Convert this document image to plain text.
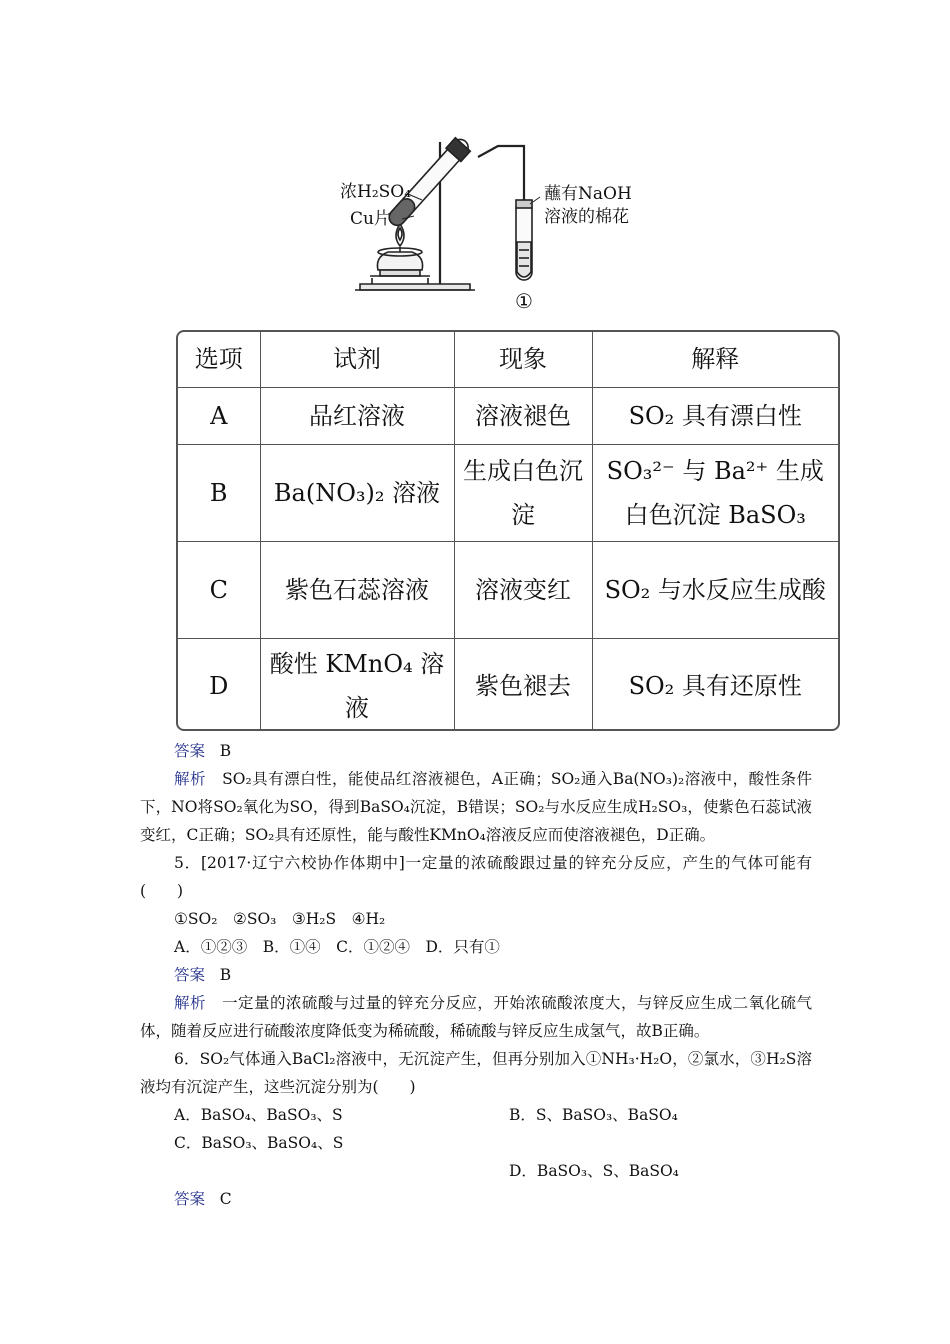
浓H₂SO₄
Cu片
蘸有NaOH
溶液的棉花
①
选项	试剂	现象	解释
A	品红溶液	溶液褪色	SO₂ 具有漂白性
B	Ba(NO₃)₂ 溶液	生成白色沉淀	SO₃²⁻ 与 Ba²⁺ 生成白色沉淀 BaSO₃
C	紫色石蕊溶液	溶液变红	SO₂ 与水反应生成酸
D	酸性 KMnO₄ 溶液	紫色褪去	SO₂ 具有还原性
答案 B
解析 SO₂具有漂白性，能使品红溶液褪色，A正确；SO₂通入Ba(NO₃)₂溶液中，酸性条件下，NO将SO₂氧化为SO，得到BaSO₄沉淀，B错误；SO₂与水反应生成H₂SO₃，使紫色石蕊试液变红，C正确；SO₂具有还原性，能与酸性KMnO₄溶液反应而使溶液褪色，D正确。
5．[2017·辽宁六校协作体期中]一定量的浓硫酸跟过量的锌充分反应，产生的气体可能有(　　)
①SO₂　②SO₃　③H₂S　④H₂
A．①②③　B．①④　C．①②④　D．只有①
答案 B
解析 一定量的浓硫酸与过量的锌充分反应，开始浓硫酸浓度大，与锌反应生成二氧化硫气体，随着反应进行硫酸浓度降低变为稀硫酸，稀硫酸与锌反应生成氢气，故B正确。
6．SO₂气体通入BaCl₂溶液中，无沉淀产生，但再分别加入①NH₃·H₂O，②氯水，③H₂S溶液均有沉淀产生，这些沉淀分别为(　　)
A．BaSO₄、BaSO₃、S	B．S、BaSO₃、BaSO₄
C．BaSO₃、BaSO₄、S
D．BaSO₃、S、BaSO₄
答案 C
